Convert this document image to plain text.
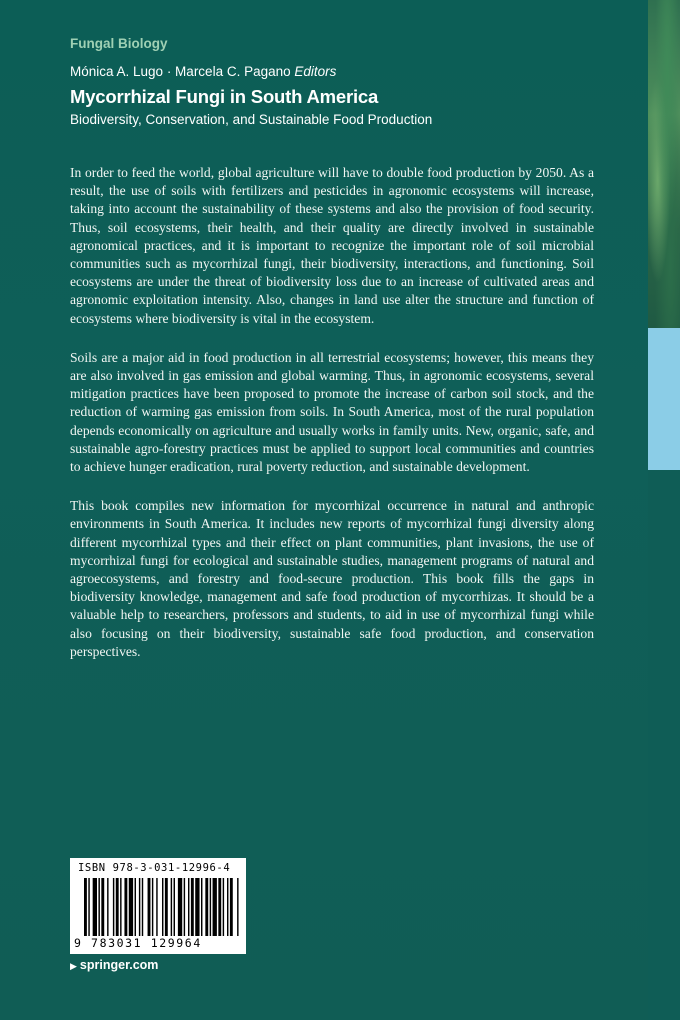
Fungal Biology
Mónica A. Lugo · Marcela C. Pagano Editors
Mycorrhizal Fungi in South America
Biodiversity, Conservation, and Sustainable Food Production

In order to feed the world, global agriculture will have to double food production by 2050. As a result, the use of soils with fertilizers and pesticides in agronomic ecosystems will increase, taking into account the sustainability of these systems and also the provision of food security. Thus, soil ecosystems, their health, and their quality are directly involved in sustainable agronomical practices, and it is important to recognize the important role of soil microbial communities such as mycorrhizal fungi, their biodiversity, interactions, and functioning. Soil ecosystems are under the threat of biodiversity loss due to an increase of cultivated areas and agronomic exploitation intensity. Also, changes in land use alter the structure and function of ecosystems where biodiversity is vital in the ecosystem.

Soils are a major aid in food production in all terrestrial ecosystems; however, this means they are also involved in gas emission and global warming. Thus, in agronomic ecosystems, several mitigation practices have been proposed to promote the increase of carbon soil stock, and the reduction of warming gas emission from soils. In South America, most of the rural population depends economically on agriculture and usually works in family units. New, organic, safe, and sustainable agro-forestry practices must be applied to support local communities and countries to achieve hunger eradication, rural poverty reduction, and sustainable development.

This book compiles new information for mycorrhizal occurrence in natural and anthropic environments in South America. It includes new reports of mycorrhizal fungi diversity along different mycorrhizal types and their effect on plant communities, plant invasions, the use of mycorrhizal fungi for ecological and sustainable studies, management programs of natural and agroecosystems, and forestry and food-secure production. This book fills the gaps in biodiversity knowledge, management and safe food production of mycorrhizas. It should be a valuable help to researchers, professors and students, to aid in use of mycorrhizal fungi while also focusing on their biodiversity, sustainable safe food production, and conservation perspectives.

ISBN 978-3-031-12996-4
9 783031 129964
▶ springer.com
